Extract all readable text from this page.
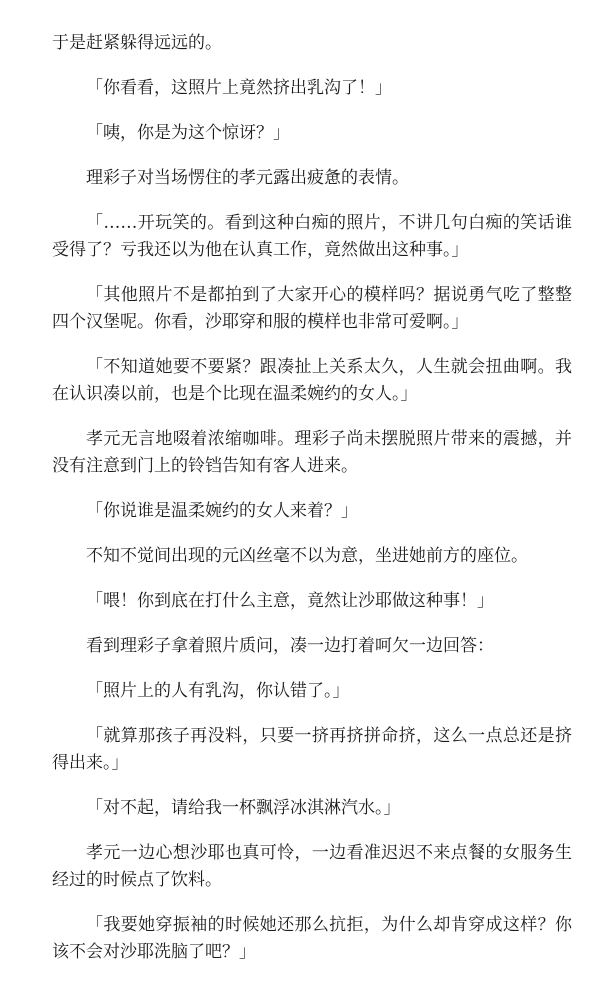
于是赶紧躲得远远的。

「你看看，这照片上竟然挤出乳沟了！」

「咦，你是为这个惊讶？」

理彩子对当场愣住的孝元露出疲惫的表情。

「……开玩笑的。看到这种白痴的照片，不讲几句白痴的笑话谁受得了？亏我还以为他在认真工作，竟然做出这种事。」

「其他照片不是都拍到了大家开心的模样吗？据说勇气吃了整整四个汉堡呢。你看，沙耶穿和服的模样也非常可爱啊。」

「不知道她要不要紧？跟凑扯上关系太久，人生就会扭曲啊。我在认识凑以前，也是个比现在温柔婉约的女人。」

孝元无言地啜着浓缩咖啡。理彩子尚未摆脱照片带来的震撼，并没有注意到门上的铃铛告知有客人进来。

「你说谁是温柔婉约的女人来着？」

不知不觉间出现的元凶丝毫不以为意，坐进她前方的座位。

「喂！你到底在打什么主意，竟然让沙耶做这种事！」

看到理彩子拿着照片质问，凑一边打着呵欠一边回答：

「照片上的人有乳沟，你认错了。」

「就算那孩子再没料，只要一挤再挤拼命挤，这么一点总还是挤得出来。」

「对不起，请给我一杯飘浮冰淇淋汽水。」

孝元一边心想沙耶也真可怜，一边看准迟迟不来点餐的女服务生经过的时候点了饮料。

「我要她穿振袖的时候她还那么抗拒，为什么却肯穿成这样？你该不会对沙耶洗脑了吧？」
